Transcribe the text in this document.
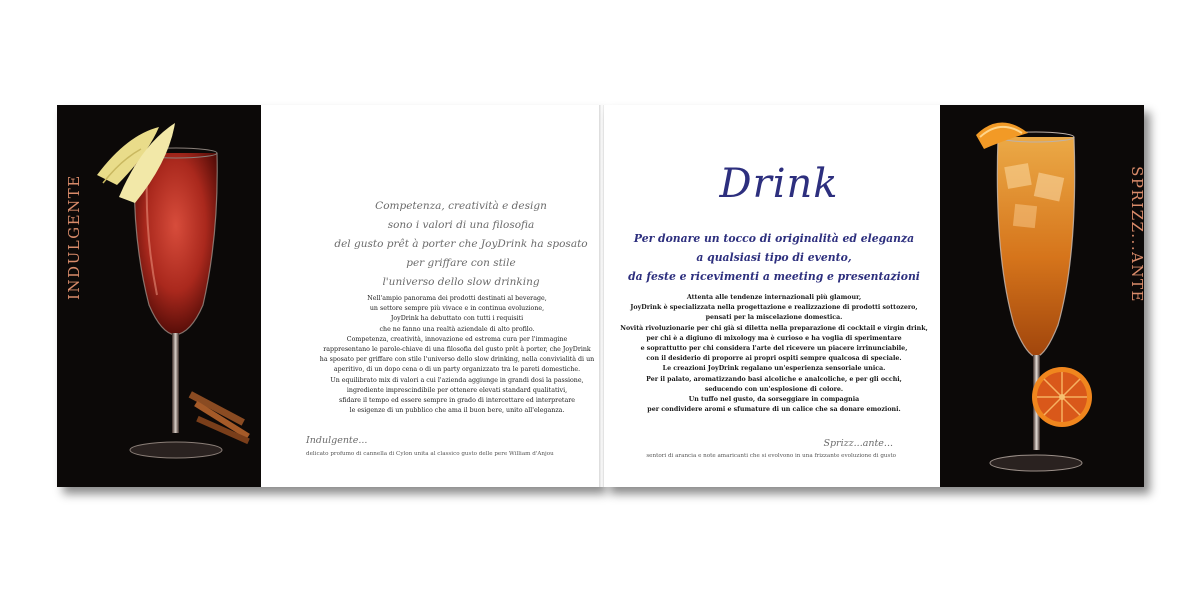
INDULGENTE	Competenza, creatività e design
sono i valori di una filosofia
del gusto prêt à porter che JoyDrink ha sposato
per griffare con stile
l'universo dello slow drinking

Nell'ampio panorama dei prodotti destinati al beverage,

un settore sempre più vivace e in continua evoluzione,

JoyDrink ha debuttato con tutti i requisiti

che ne fanno una realtà aziendale di alto profilo.

Competenza, creatività, innovazione ed estrema cura per l'immagine

rappresentano le parole-chiave di una filosofia del gusto prêt à porter, che JoyDrink

ha sposato per griffare con stile l'universo dello slow drinking, nella convivialità di un

aperitivo, di un dopo cena o di un party organizzato tra le pareti domestiche.

Un equilibrato mix di valori a cui l'azienda aggiunge in grandi dosi la passione,

ingrediente imprescindibile per ottenere elevati standard qualitativi,

sfidare il tempo ed essere sempre in grado di intercettare ed interpretare

le esigenze di un pubblico che ama il buon bere, unito all'eleganza.

Indulgente...
delicato profumo di cannella di Cylon unita al classico gusto delle pere William d'Anjou
Drink
Per donare un tocco di originalità ed eleganza
a qualsiasi tipo di evento,
da feste e ricevimenti a meeting e presentazioni

Attenta alle tendenze internazionali più glamour,

JoyDrink è specializzata nella progettazione e realizzazione di prodotti sottozero,

pensati per la miscelazione domestica.

Novità rivoluzionarie per chi già si diletta nella preparazione di cocktail e virgin drink,

per chi è a digiuno di mixology ma è curioso e ha voglia di sperimentare

e soprattutto per chi considera l'arte del ricevere un piacere irrinunciabile,

con il desiderio di proporre ai propri ospiti sempre qualcosa di speciale.

Le creazioni JoyDrink regalano un'esperienza sensoriale unica.

Per il palato, aromatizzando basi alcoliche e analcoliche, e per gli occhi,

seducendo con un'esplosione di colore.

Un tuffo nel gusto, da sorseggiare in compagnia

per condividere aromi e sfumature di un calice che sa donare emozioni.

Sprizz...ante...
sentori di arancia e note amaricanti che si evolvono in una frizzante evoluzione di gusto
SPRIZZ...ANTE
